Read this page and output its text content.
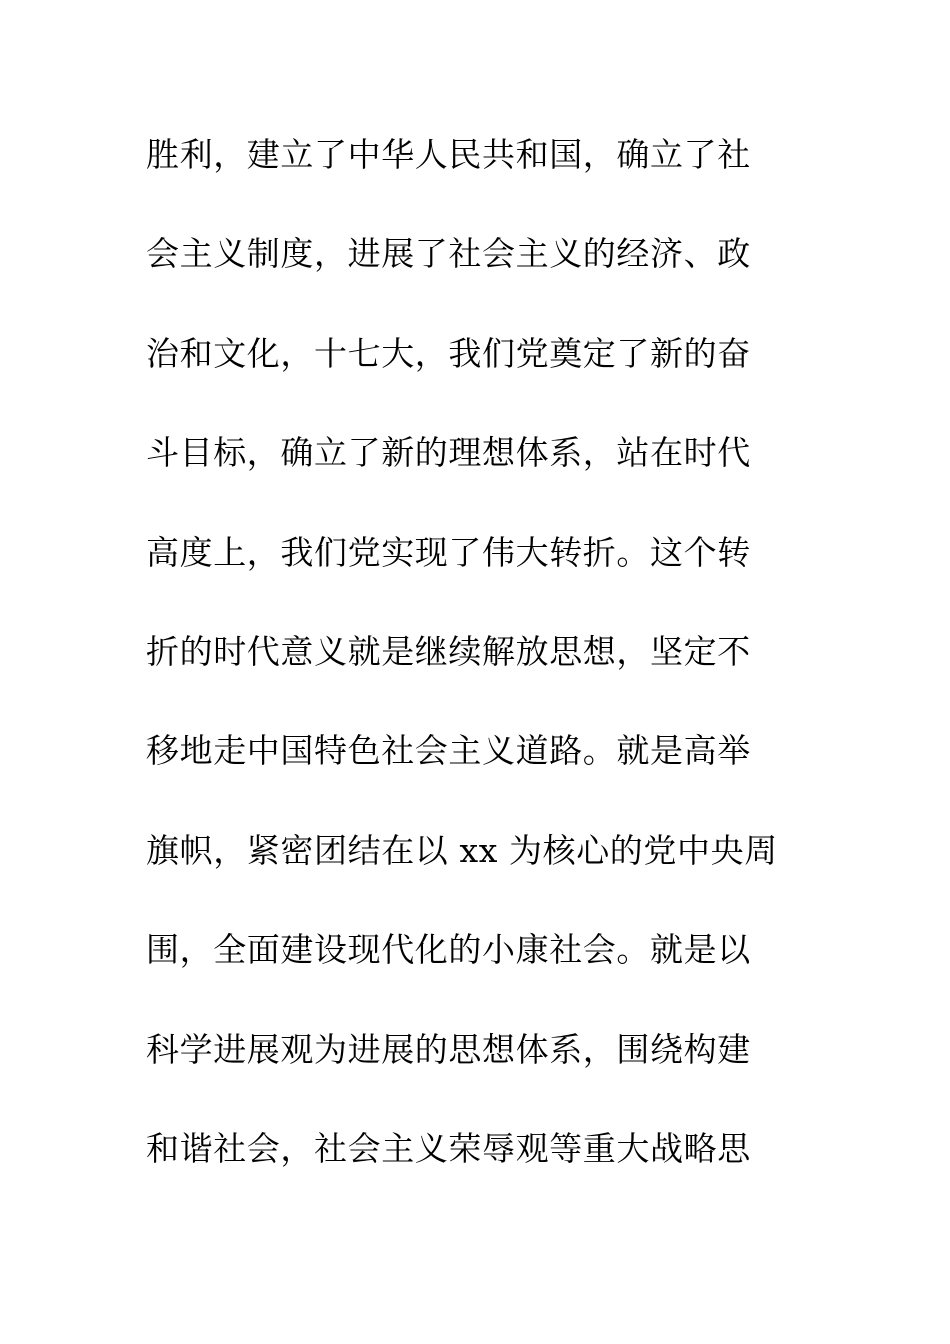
胜利，建立了中华人民共和国，确立了社
会主义制度，进展了社会主义的经济、政
治和文化，十七大，我们党奠定了新的奋
斗目标，确立了新的理想体系，站在时代
高度上，我们党实现了伟大转折。这个转
折的时代意义就是继续解放思想，坚定不
移地走中国特色社会主义道路。就是高举
旗帜，紧密团结在以 xx 为核心的党中央周
围，全面建设现代化的小康社会。就是以
科学进展观为进展的思想体系，围绕构建
和谐社会，社会主义荣辱观等重大战略思
